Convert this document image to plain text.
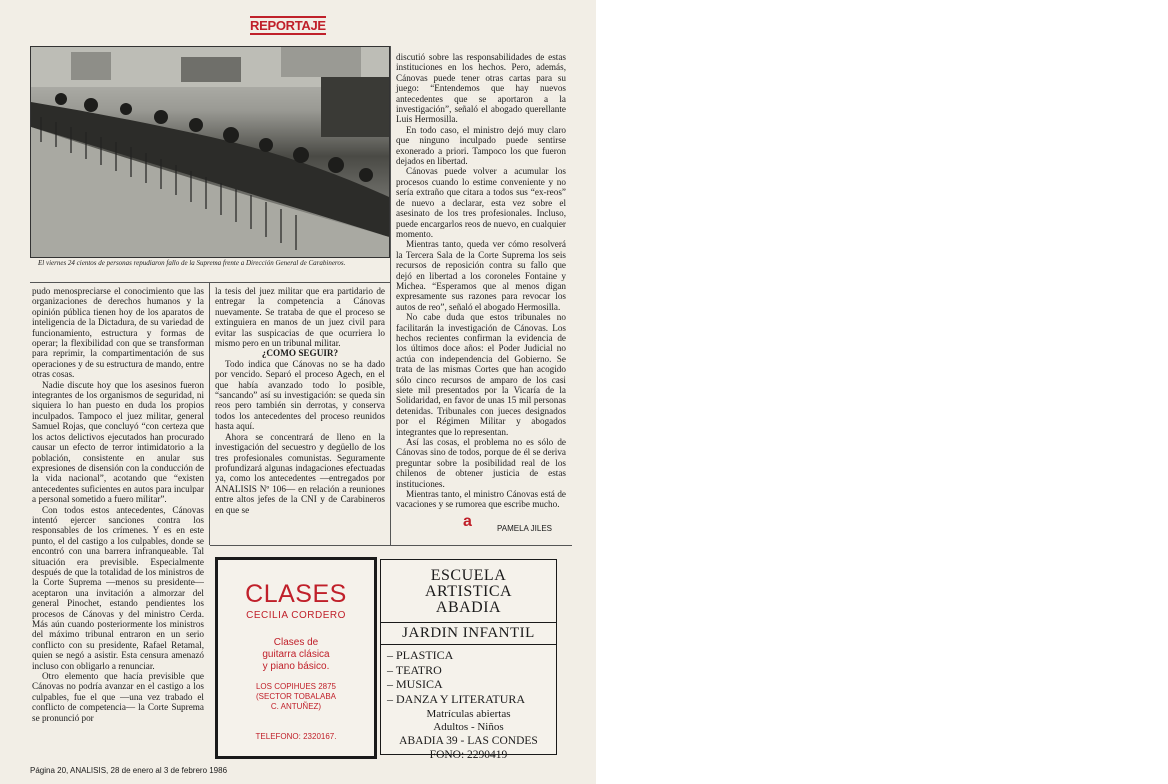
REPORTAJE
El viernes 24 cientos de personas repudiaron fallo de la Suprema frente a Dirección General de Carabineros.

pudo menospreciarse el conocimiento que las organizaciones de derechos humanos y la opinión pública tienen hoy de los aparatos de inteligencia de la Dictadura, de su variedad de funcionamiento, estructura y formas de operar; la flexibilidad con que se transforman para reprimir, la compartimentación de sus operaciones y de su estructura de mando, entre otras cosas.

Nadie discute hoy que los asesinos fueron integrantes de los organismos de seguridad, ni siquiera lo han puesto en duda los propios inculpados. Tampoco el juez militar, general Samuel Rojas, que concluyó “con certeza que los actos delictivos ejecutados han procurado causar un efecto de terror intimidatorio a la población, consistente en anular sus expresiones de disensión con la conducción de la vida nacional”, acotando que “existen antecedentes suficientes en autos para inculpar a personal sometido a fuero militar”.

Con todos estos antecedentes, Cánovas intentó ejercer sanciones contra los responsables de los crímenes. Y es en este punto, el del castigo a los culpables, donde se encontró con una barrera infranqueable. Tal situación era previsible. Especialmente después de que la totalidad de los ministros de la Corte Suprema —menos su presidente— aceptaron una invitación a almorzar del general Pinochet, estando pendientes los procesos de Cánovas y del ministro Cerda. Más aún cuando posteriormente los ministros del máximo tribunal entraron en un serio conflicto con su presidente, Rafael Retamal, quien se negó a asistir. Esta censura amenazó incluso con obligarlo a renunciar.

Otro elemento que hacía previsible que Cánovas no podría avanzar en el castigo a los culpables, fue el que —una vez trabado el conflicto de competencia— la Corte Suprema se pronunció por

la tesis del juez militar que era partidario de entregar la competencia a Cánovas nuevamente. Se trataba de que el proceso se extinguiera en manos de un juez civil para evitar las suspicacias de que ocurriera lo mismo pero en un tribunal militar.

¿COMO SEGUIR?

Todo indica que Cánovas no se ha dado por vencido. Separó el proceso Agech, en el que había avanzado todo lo posible, “sancando” así su investigación: se queda sin reos pero también sin derrotas, y conserva todos los antecedentes del proceso reunidos hasta aquí.

Ahora se concentrará de lleno en la investigación del secuestro y degüello de los tres profesionales comunistas. Seguramente profundizará algunas indagaciones efectuadas ya, como los antecedentes —entregados por ANALISIS Nº 106— en relación a reuniones entre altos jefes de la CNI y de Carabineros en que se

discutió sobre las responsabilidades de estas instituciones en los hechos. Pero, además, Cánovas puede tener otras cartas para su juego: “Entendemos que hay nuevos antecedentes que se aportaron a la investigación”, señaló el abogado querellante Luis Hermosilla.

En todo caso, el ministro dejó muy claro que ninguno inculpado puede sentirse exonerado a priori. Tampoco los que fueron dejados en libertad.

Cánovas puede volver a acumular los procesos cuando lo estime conveniente y no sería extraño que citara a todos sus “ex-reos” de nuevo a declarar, esta vez sobre el asesinato de los tres profesionales. Incluso, puede encargarlos reos de nuevo, en cualquier momento.

Mientras tanto, queda ver cómo resolverá la Tercera Sala de la Corte Suprema los seis recursos de reposición contra su fallo que dejó en libertad a los coroneles Fontaine y Michea. “Esperamos que al menos digan expresamente sus razones para revocar los autos de reo”, señaló el abogado Hermosilla.

No cabe duda que estos tribunales no facilitarán la investigación de Cánovas. Los hechos recientes confirman la evidencia de los últimos doce años: el Poder Judicial no actúa con independencia del Gobierno. Se trata de las mismas Cortes que han acogido sólo cinco recursos de amparo de los casi siete mil presentados por la Vicaría de la Solidaridad, en favor de unas 15 mil personas detenidas. Tribunales con jueces designados por el Régimen Militar y abogados integrantes que lo representan.

Así las cosas, el problema no es sólo de Cánovas sino de todos, porque de él se deriva preguntar sobre la posibilidad real de los chilenos de obtener justicia de estas instituciones.

Mientras tanto, el ministro Cánovas está de vacaciones y se rumorea que escribe mucho.

a	PAMELA JILES
CLASES
CECILIA CORDERO
Clases de
guitarra clásica
y piano básico.
LOS COPIHUES 2875
(SECTOR TOBALABA
C. ANTUÑEZ)
TELEFONO: 2320167.
ESCUELA
ARTISTICA
ABADIA
JARDIN INFANTIL
– PLASTICA
– TEATRO
– MUSICA
– DANZA Y LITERATURA
Matrículas abiertas
Adultos - Niños
ABADIA 39 - LAS CONDES
FONO: 2290419
Página 20, ANALISIS, 28 de enero al 3 de febrero 1986
